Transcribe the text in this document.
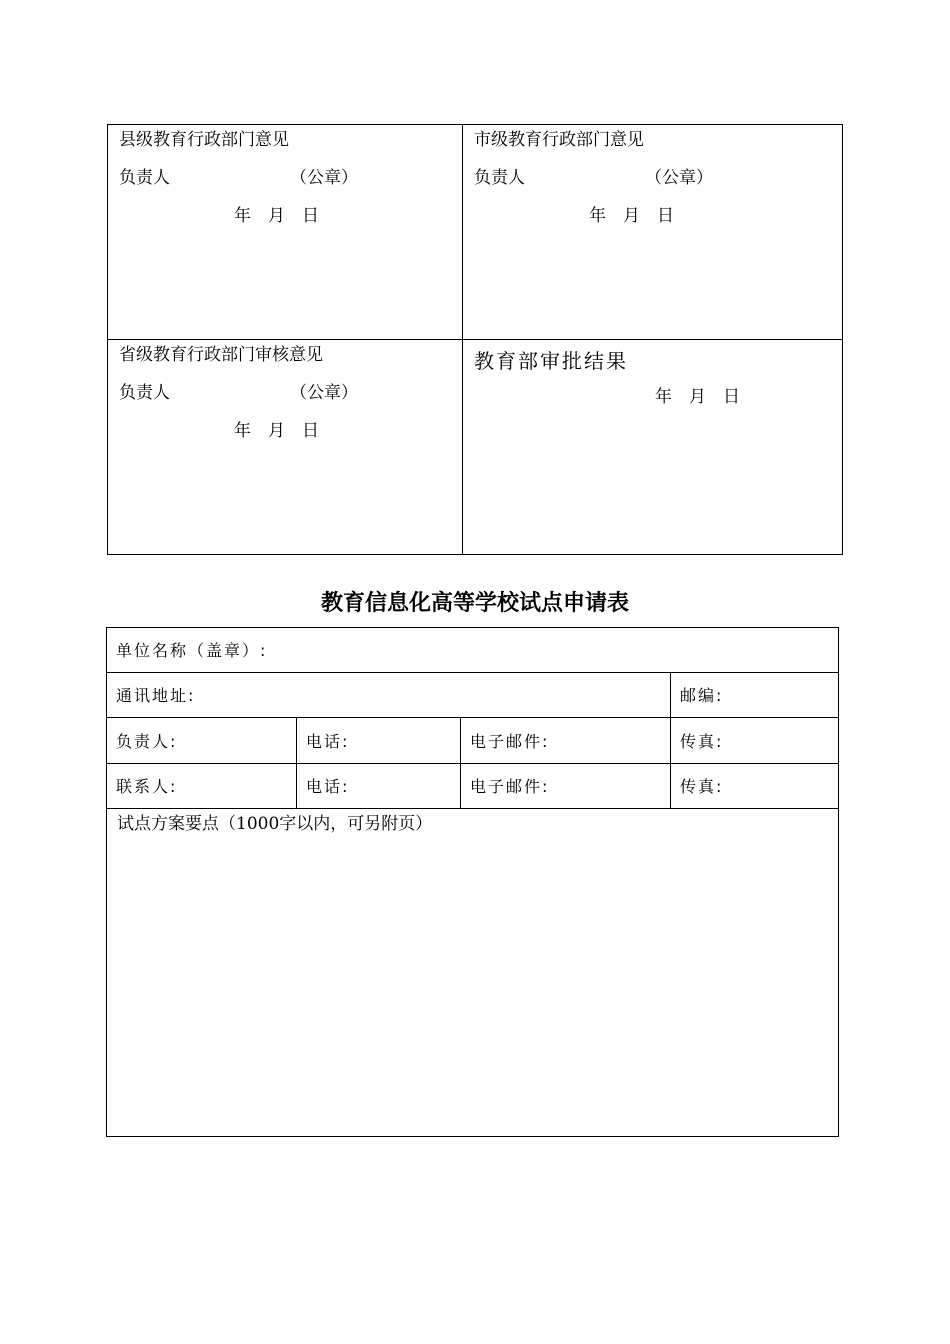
县级教育行政部门意见
负责人	（公章）
年　月　日
市级教育行政部门意见
负责人	（公章）
年　月　日
省级教育行政部门审核意见
负责人	（公章）
年　月　日
教育部审批结果
年　月　日
教育信息化高等学校试点申请表
单位名称（盖章）:
通讯地址:	邮编:
负责人:	电话:	电子邮件:	传真:
联系人:	电话:	电子邮件:	传真:
试点方案要点（1000字以内，可另附页）
